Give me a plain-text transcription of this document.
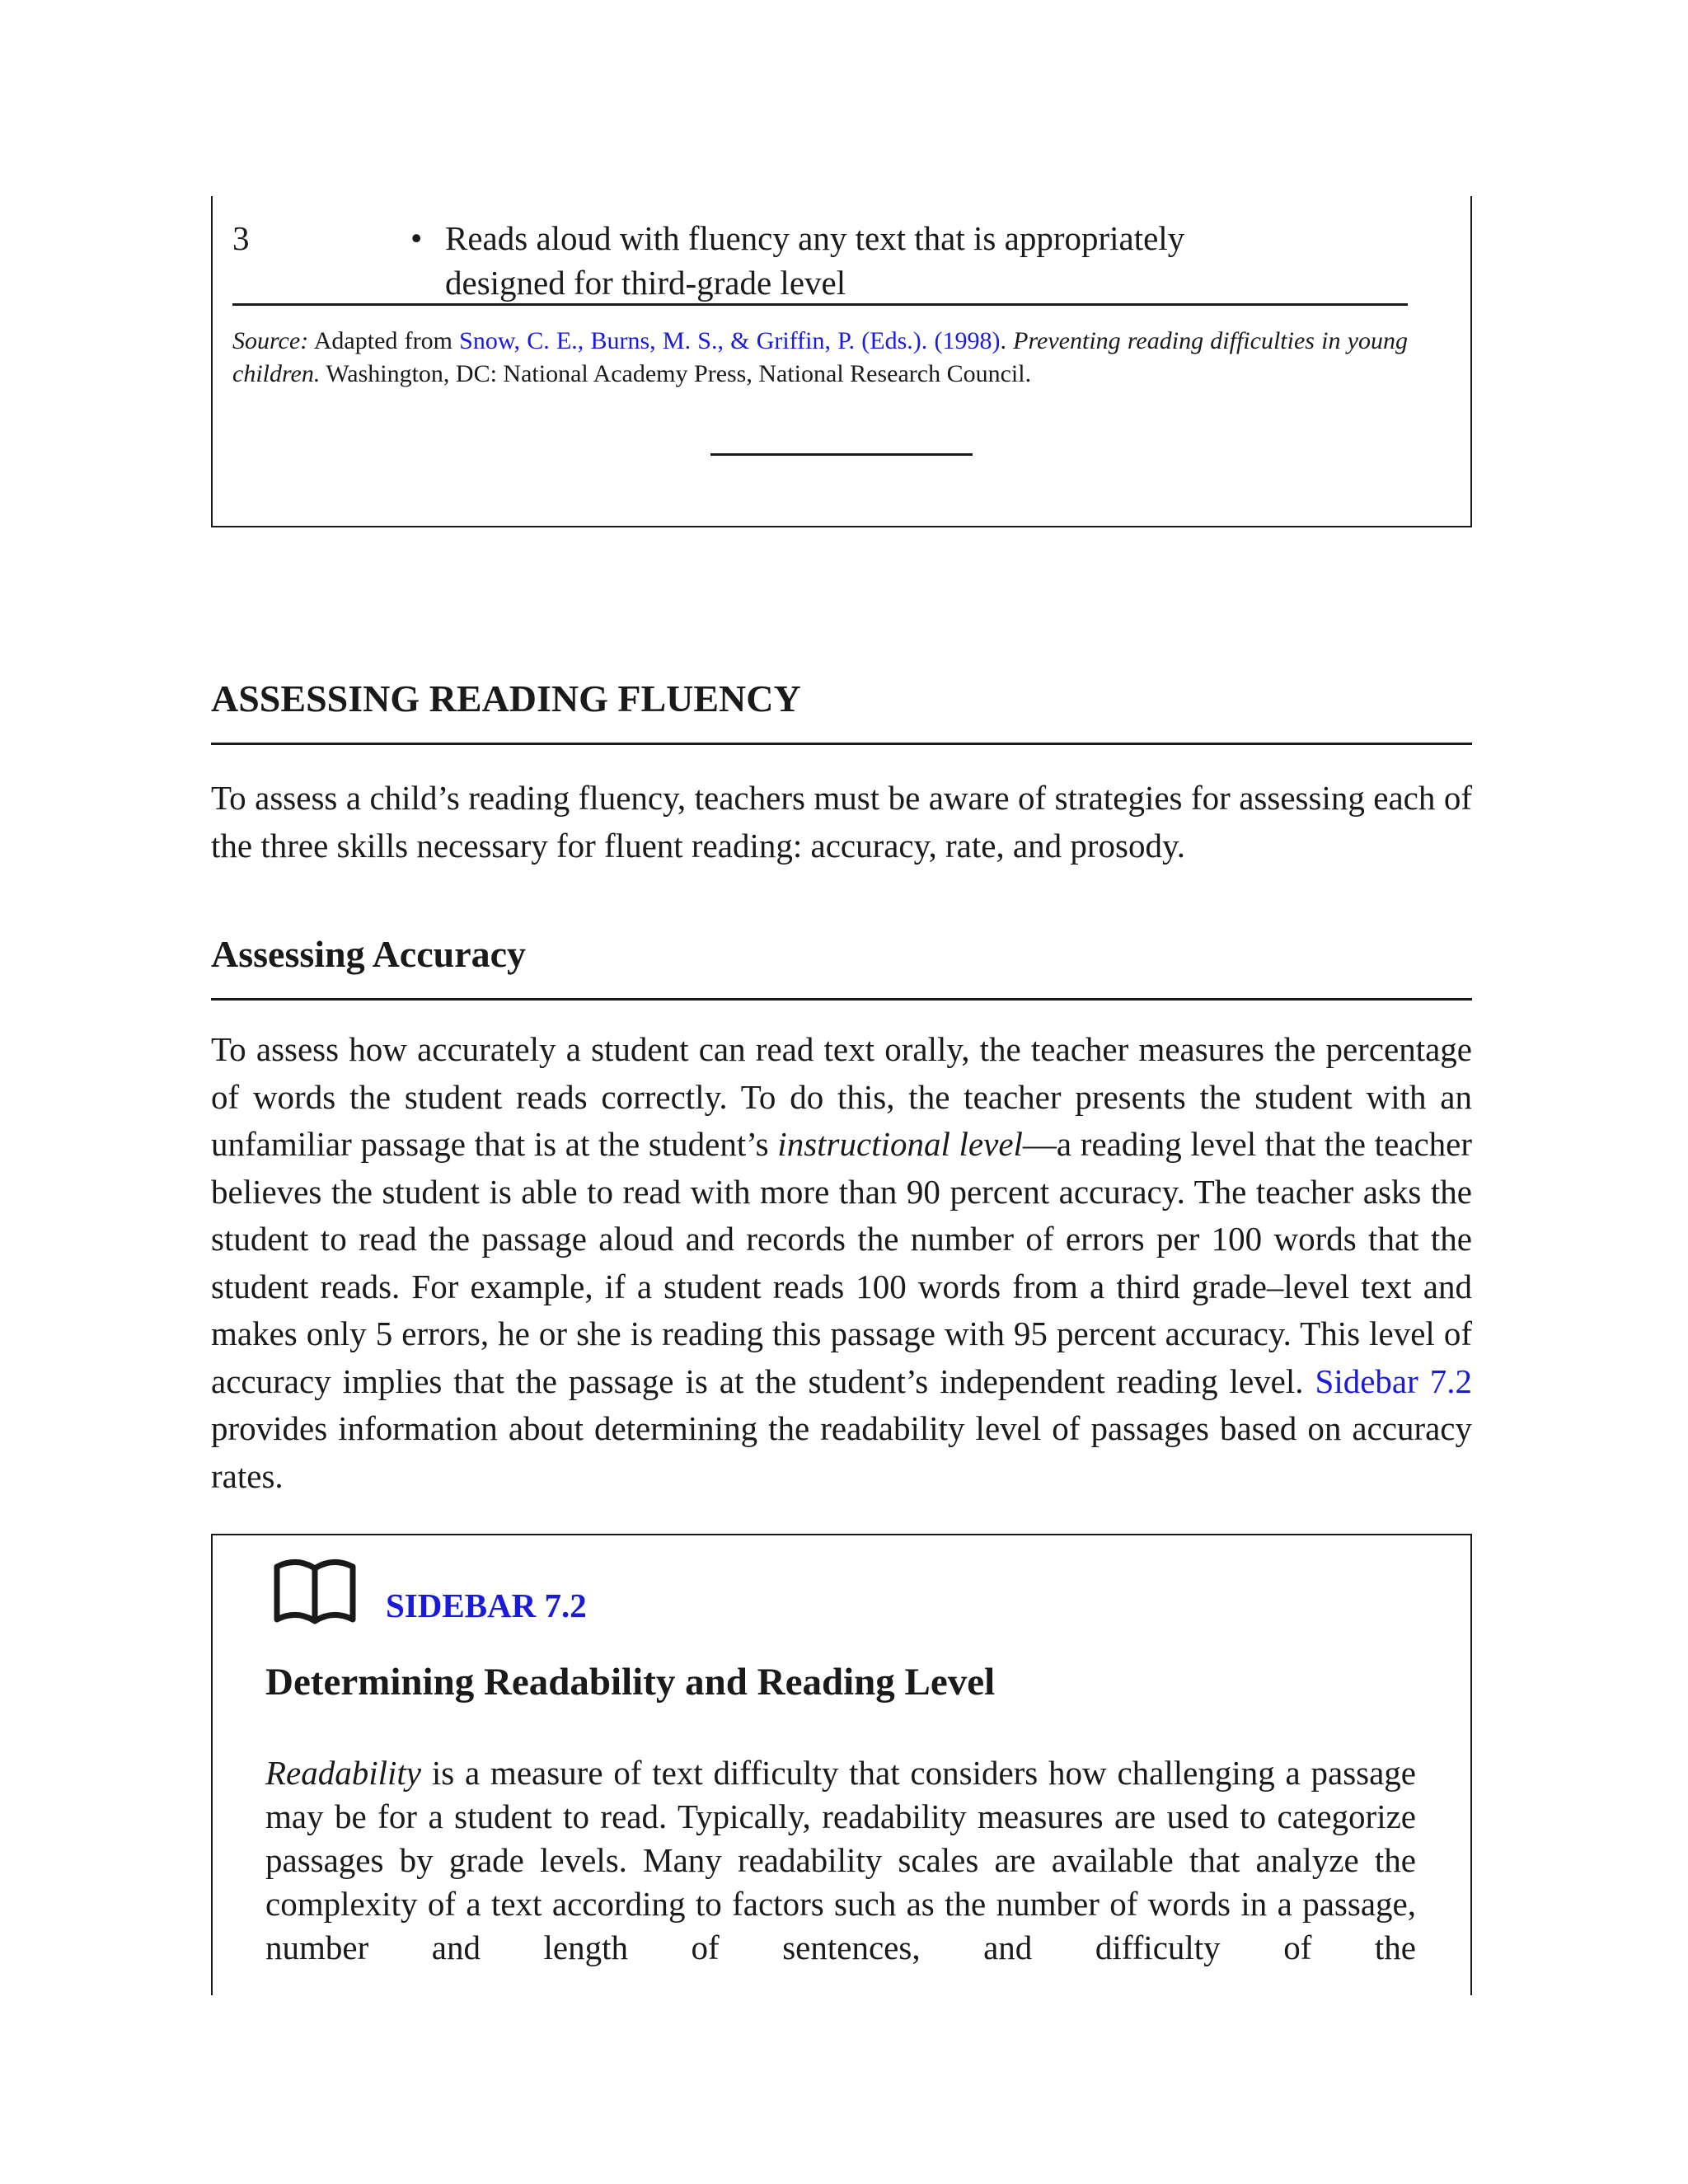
3	• Reads aloud with fluency any text that is appropriately designed for third-grade level
Source: Adapted from Snow, C. E., Burns, M. S., & Griffin, P. (Eds.). (1998). Preventing reading difficulties in young children. Washington, DC: National Academy Press, National Research Council.
ASSESSING READING FLUENCY

To assess a child’s reading fluency, teachers must be aware of strategies for assessing each of the three skills necessary for fluent reading: accuracy, rate, and prosody.

Assessing Accuracy

To assess how accurately a student can read text orally, the teacher measures the percentage of words the student reads correctly. To do this, the teacher presents the student with an unfamiliar passage that is at the student’s instructional level—a reading level that the teacher believes the student is able to read with more than 90 percent accuracy. The teacher asks the student to read the passage aloud and records the number of errors per 100 words that the student reads. For example, if a student reads 100 words from a third grade–level text and makes only 5 errors, he or she is reading this passage with 95 percent accuracy. This level of accuracy implies that the passage is at the student’s independent reading level. Sidebar 7.2 provides information about determining the readability level of passages based on accuracy rates.

SIDEBAR 7.2
Determining Readability and Reading Level

Readability is a measure of text difficulty that considers how challenging a passage may be for a student to read. Typically, readability measures are used to categorize passages by grade levels. Many readability scales are available that analyze the complexity of a text according to factors such as the number of words in a passage, number and length of sentences, and difficulty of the
